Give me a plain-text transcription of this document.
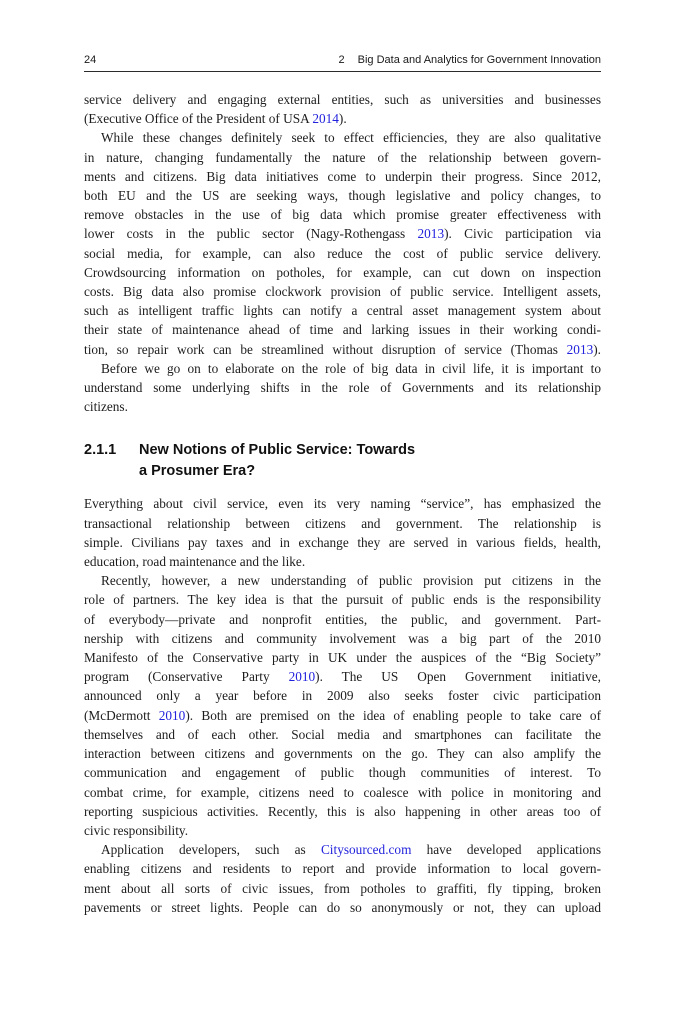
24	2 Big Data and Analytics for Government Innovation
service delivery and engaging external entities, such as universities and businesses
(Executive Office of the President of USA 2014).
While these changes definitely seek to effect efficiencies, they are also qualitative
in nature, changing fundamentally the nature of the relationship between govern-
ments and citizens. Big data initiatives come to underpin their progress. Since 2012,
both EU and the US are seeking ways, though legislative and policy changes, to
remove obstacles in the use of big data which promise greater effectiveness with
lower costs in the public sector (Nagy-Rothengass 2013). Civic participation via
social media, for example, can also reduce the cost of public service delivery.
Crowdsourcing information on potholes, for example, can cut down on inspection
costs. Big data also promise clockwork provision of public service. Intelligent assets,
such as intelligent traffic lights can notify a central asset management system about
their state of maintenance ahead of time and larking issues in their working condi-
tion, so repair work can be streamlined without disruption of service (Thomas 2013).
Before we go on to elaborate on the role of big data in civil life, it is important to
understand some underlying shifts in the role of Governments and its relationship
citizens.
2.1.1	New Notions of Public Service: Towards
a Prosumer Era?
Everything about civil service, even its very naming “service”, has emphasized the
transactional relationship between citizens and government. The relationship is
simple. Civilians pay taxes and in exchange they are served in various fields, health,
education, road maintenance and the like.
Recently, however, a new understanding of public provision put citizens in the
role of partners. The key idea is that the pursuit of public ends is the responsibility
of everybody—private and nonprofit entities, the public, and government. Part-
nership with citizens and community involvement was a big part of the 2010
Manifesto of the Conservative party in UK under the auspices of the “Big Society”
program (Conservative Party 2010). The US Open Government initiative,
announced only a year before in 2009 also seeks foster civic participation
(McDermott 2010). Both are premised on the idea of enabling people to take care of
themselves and of each other. Social media and smartphones can facilitate the
interaction between citizens and governments on the go. They can also amplify the
communication and engagement of public though communities of interest. To
combat crime, for example, citizens need to coalesce with police in monitoring and
reporting suspicious activities. Recently, this is also happening in other areas too of
civic responsibility.
Application developers, such as Citysourced.com have developed applications
enabling citizens and residents to report and provide information to local govern-
ment about all sorts of civic issues, from potholes to graffiti, fly tipping, broken
pavements or street lights. People can do so anonymously or not, they can upload
